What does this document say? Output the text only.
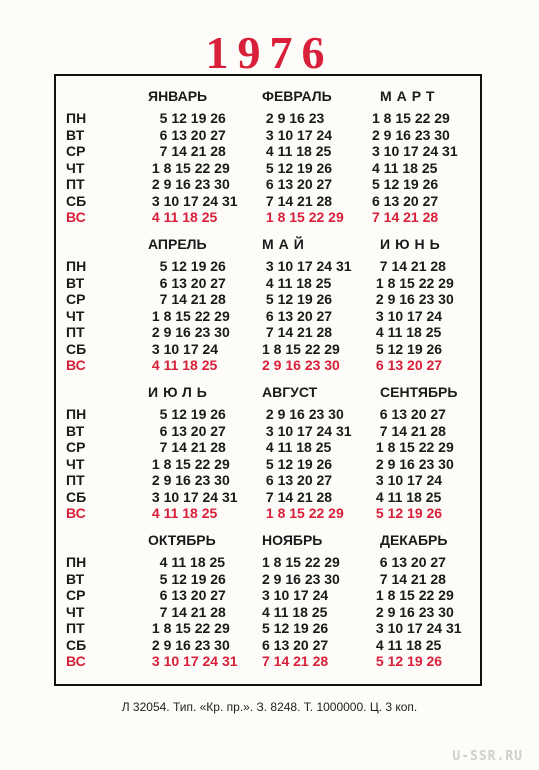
1976
ЯНВАРЬ
5 12 19 26
6 13 20 27
7 14 21 28
1 8 15 22 29
2 9 16 23 30
3 10 17 24 31
4 11 18 25
ПН
ВТ
СР
ЧТ
ПТ
СБ
ВС
ФЕВРАЛЬ
2 9 16 23
3 10 17 24
4 11 18 25
5 12 19 26
6 13 20 27
7 14 21 28
1 8 15 22 29
МАРТ
1 8 15 22 29
2 9 16 23 30
3 10 17 24 31
4 11 18 25
5 12 19 26
6 13 20 27
7 14 21 28
АПРЕЛЬ
5 12 19 26
6 13 20 27
7 14 21 28
1 8 15 22 29
2 9 16 23 30
3 10 17 24
4 11 18 25
ПН
ВТ
СР
ЧТ
ПТ
СБ
ВС
МАЙ
3 10 17 24 31
4 11 18 25
5 12 19 26
6 13 20 27
7 14 21 28
1 8 15 22 29
2 9 16 23 30
ИЮНЬ
7 14 21 28
1 8 15 22 29
2 9 16 23 30
3 10 17 24
4 11 18 25
5 12 19 26
6 13 20 27
ИЮЛЬ
5 12 19 26
6 13 20 27
7 14 21 28
1 8 15 22 29
2 9 16 23 30
3 10 17 24 31
4 11 18 25
ПН
ВТ
СР
ЧТ
ПТ
СБ
ВС
АВГУСТ
2 9 16 23 30
3 10 17 24 31
4 11 18 25
5 12 19 26
6 13 20 27
7 14 21 28
1 8 15 22 29
СЕНТЯБРЬ
6 13 20 27
7 14 21 28
1 8 15 22 29
2 9 16 23 30
3 10 17 24
4 11 18 25
5 12 19 26
ОКТЯБРЬ
4 11 18 25
5 12 19 26
6 13 20 27
7 14 21 28
1 8 15 22 29
2 9 16 23 30
3 10 17 24 31
ПН
ВТ
СР
ЧТ
ПТ
СБ
ВС
НОЯБРЬ
1 8 15 22 29
2 9 16 23 30
3 10 17 24
4 11 18 25
5 12 19 26
6 13 20 27
7 14 21 28
ДЕКАБРЬ
6 13 20 27
7 14 21 28
1 8 15 22 29
2 9 16 23 30
3 10 17 24 31
4 11 18 25
5 12 19 26
Л 32054. Тип. «Кр. пр.». З. 8248. Т. 1000000. Ц. 3 коп.
U-SSR.RU
